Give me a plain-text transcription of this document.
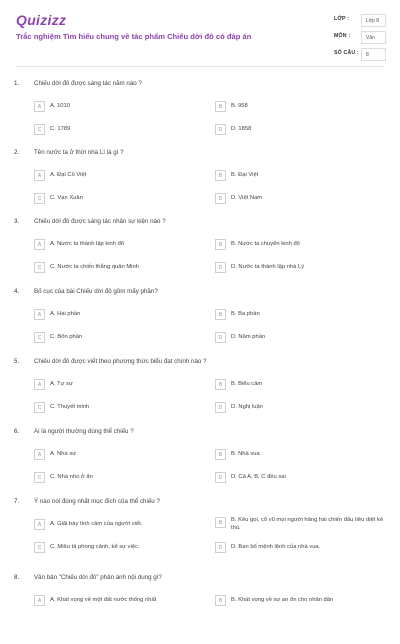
Quizizz
Trắc nghiệm Tìm hiểu chung về tác phẩm Chiếu dời đô có đáp án
LỚP :	Lớp 8
MÔN :	Văn
SỐ CÂU :	8
1. Chiếu dời đô được sáng tác năm nào ?
A	A. 1010	B	B. 958
C	C. 1789	D	D. 1858
2. Tên nước ta ở thời nhà Lí là gì ?
A	A. Đại Cồ Việt	B	B. Đại Việt
C	C. Vạn Xuân	D	D. Việt Nam
3. Chiếu dời đô được sáng tác nhân sự kiện nào ?
A	A. Nước ta thành lập kinh đô	B	B. Nước ta chuyển kinh đô
C	C. Nước ta chiến thắng quân Minh	D	D. Nước ta thành lập nhà Lý
4. Bố cục của bài Chiếu dời đô gồm mấy phần?
A	A. Hai phần	B	B. Ba phần
C	C. Bốn phần	D	D. Năm phần
5. Chiếu dời đô được viết theo phương thức biểu đạt chính nào ?
A	A. Tự sự	B	B. Biểu cảm
C	C. Thuyết minh	D	D. Nghị luận
6. Ai là người thường dùng thể chiếu ?
A	A. Nhà sư	B	B. Nhà vua
C	C. Nhà nho ở ẩn	D	D. Cả A, B, C đều sai
7. Ý nào nói đúng nhất mục đích của thể chiếu ?
A	A. Giãi bày tình cảm của người viết.	B	B. Kêu gọi, cổ vũ mọi người hăng hái chiến đấu tiêu diệt kẻ thù.
C	C. Miêu tả phong cảnh, kể sự việc.	D	D. Ban bố mệnh lệnh của nhà vua.
8. Văn bản "Chiếu dời đô" phản ánh nội dung gì?
A	A. Khát vọng về một đất nước thống nhất	B	B. Khát vọng về sự an ổn cho nhân dân
